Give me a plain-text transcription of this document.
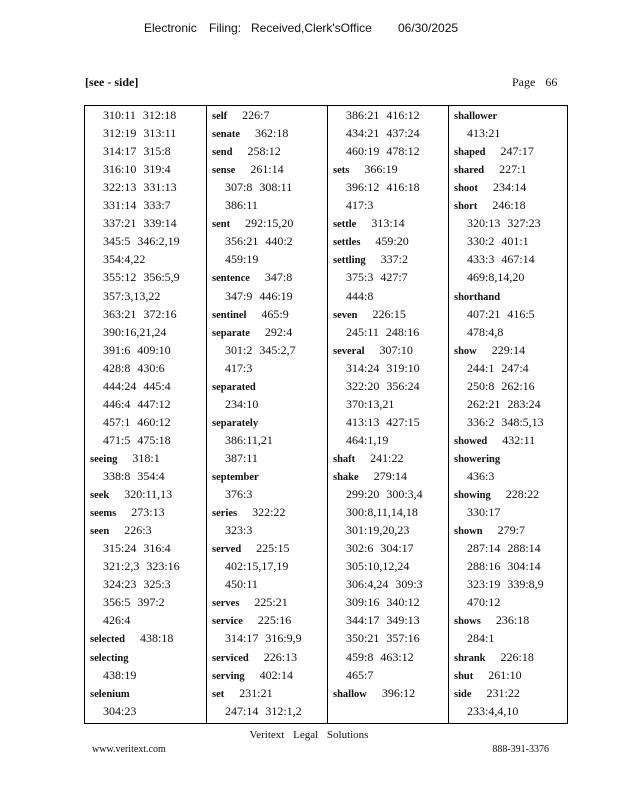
Electronic Filing: Received,Clerk'sOffice 06/30/2025
[see - side]	Page 66
310:11 312:18
312:19 313:11
314:17 315:8
316:10 319:4
322:13 331:13
331:14 333:7
337:21 339:14
345:5 346:2,19
354:4,22
355:12 356:5,9
357:3,13,22
363:21 372:16
390:16,21,24
391:6 409:10
428:8 430:6
444:24 445:4
446:4 447:12
457:1 460:12
471:5 475:18
seeing 318:1
338:8 354:4
seek 320:11,13
seems 273:13
seen 226:3
315:24 316:4
321:2,3 323:16
324:23 325:3
356:5 397:2
426:4
selected 438:18
selecting
438:19
selenium
304:23
self 226:7
senate 362:18
send 258:12
sense 261:14
307:8 308:11
386:11
sent 292:15,20
356:21 440:2
459:19
sentence 347:8
347:9 446:19
sentinel 465:9
separate 292:4
301:2 345:2,7
417:3
separated
234:10
separately
386:11,21
387:11
september
376:3
series 322:22
323:3
served 225:15
402:15,17,19
450:11
serves 225:21
service 225:16
314:17 316:9,9
serviced 226:13
serving 402:14
set 231:21
247:14 312:1,2
386:21 416:12
434:21 437:24
460:19 478:12
sets 366:19
396:12 416:18
417:3
settle 313:14
settles 459:20
settling 337:2
375:3 427:7
444:8
seven 226:15
245:11 248:16
several 307:10
314:24 319:10
322:20 356:24
370:13,21
413:13 427:15
464:1,19
shaft 241:22
shake 279:14
299:20 300:3,4
300:8,11,14,18
301:19,20,23
302:6 304:17
305:10,12,24
306:4,24 309:3
309:16 340:12
344:17 349:13
350:21 357:16
459:8 463:12
465:7
shallow 396:12
shallower
413:21
shaped 247:17
shared 227:1
shoot 234:14
short 246:18
320:13 327:23
330:2 401:1
433:3 467:14
469:8,14,20
shorthand
407:21 416:5
478:4,8
show 229:14
244:1 247:4
250:8 262:16
262:21 283:24
336:2 348:5,13
showed 432:11
showering
436:3
showing 228:22
330:17
shown 279:7
287:14 288:14
288:16 304:14
323:19 339:8,9
470:12
shows 236:18
284:1
shrank 226:18
shut 261:10
side 231:22
233:4,4,10
Veritext Legal Solutions
www.veritext.com	888-391-3376
